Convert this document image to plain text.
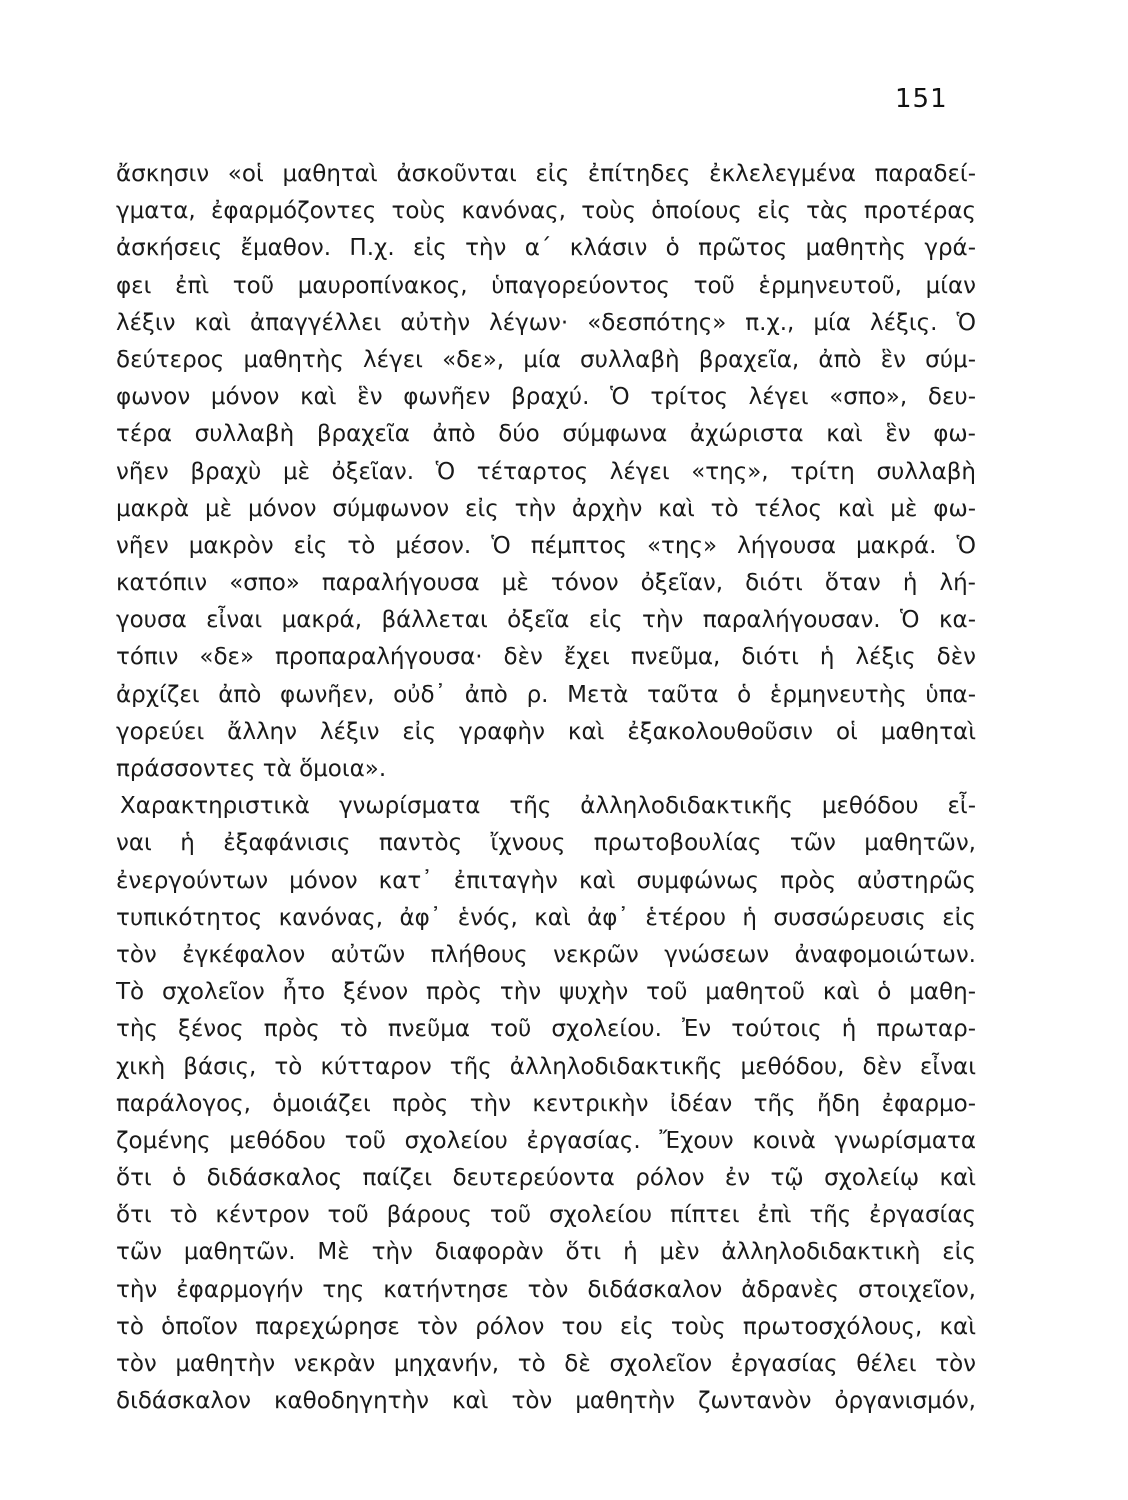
151
ἄσκησιν «οἱ μαθηταὶ ἀσκοῦνται εἰς ἐπίτηδες ἐκλελεγμένα παραδεί-
γματα, ἐφαρμόζοντες τοὺς κανόνας, τοὺς ὁποίους εἰς τὰς προτέρας
ἀσκήσεις ἔμαθον. Π.χ. εἰς τὴν α΄ κλάσιν ὁ πρῶτος μαθητὴς γρά-
φει ἐπὶ τοῦ μαυροπίνακος, ὑπαγορεύοντος τοῦ ἑρμηνευτοῦ, μίαν
λέξιν καὶ ἀπαγγέλλει αὐτὴν λέγων· «δεσπότης» π.χ., μία λέξις. Ὁ
δεύτερος μαθητὴς λέγει «δε», μία συλλαβὴ βραχεῖα, ἀπὸ ἓν σύμ-
φωνον μόνον καὶ ἓν φωνῆεν βραχύ. Ὁ τρίτος λέγει «σπο», δευ-
τέρα συλλαβὴ βραχεῖα ἀπὸ δύο σύμφωνα ἀχώριστα καὶ ἓν φω-
νῆεν βραχὺ μὲ ὀξεῖαν. Ὁ τέταρτος λέγει «της», τρίτη συλλαβὴ
μακρὰ μὲ μόνον σύμφωνον εἰς τὴν ἀρχὴν καὶ τὸ τέλος καὶ μὲ φω-
νῆεν μακρὸν εἰς τὸ μέσον. Ὁ πέμπτος «της» λήγουσα μακρά. Ὁ
κατόπιν «σπο» παραλήγουσα μὲ τόνον ὀξεῖαν, διότι ὅταν ἡ λή-
γουσα εἶναι μακρά, βάλλεται ὀξεῖα εἰς τὴν παραλήγουσαν. Ὁ κα-
τόπιν «δε» προπαραλήγουσα· δὲν ἔχει πνεῦμα, διότι ἡ λέξις δὲν
ἀρχίζει ἀπὸ φωνῆεν, οὐδ᾽ ἀπὸ ρ. Μετὰ ταῦτα ὁ ἑρμηνευτὴς ὑπα-
γορεύει ἄλλην λέξιν εἰς γραφὴν καὶ ἐξακολουθοῦσιν οἱ μαθηταὶ
πράσσοντες τὰ ὅμοια».
Χαρακτηριστικὰ γνωρίσματα τῆς ἀλληλοδιδακτικῆς μεθόδου εἶ-
ναι ἡ ἐξαφάνισις παντὸς ἴχνους πρωτοβουλίας τῶν μαθητῶν,
ἐνεργούντων μόνον κατ᾽ ἐπιταγὴν καὶ συμφώνως πρὸς αὐστηρῶς
τυπικότητος κανόνας, ἀφ᾽ ἑνός, καὶ ἀφ᾽ ἑτέρου ἡ συσσώρευσις εἰς
τὸν ἐγκέφαλον αὐτῶν πλήθους νεκρῶν γνώσεων ἀναφομοιώτων.
Τὸ σχολεῖον ἦτο ξένον πρὸς τὴν ψυχὴν τοῦ μαθητοῦ καὶ ὁ μαθη-
τὴς ξένος πρὸς τὸ πνεῦμα τοῦ σχολείου. Ἐν τούτοις ἡ πρωταρ-
χικὴ βάσις, τὸ κύτταρον τῆς ἀλληλοδιδακτικῆς μεθόδου, δὲν εἶναι
παράλογος, ὁμοιάζει πρὸς τὴν κεντρικὴν ἰδέαν τῆς ἤδη ἐφαρμο-
ζομένης μεθόδου τοῦ σχολείου ἐργασίας. Ἔχουν κοινὰ γνωρίσματα
ὅτι ὁ διδάσκαλος παίζει δευτερεύοντα ρόλον ἐν τῷ σχολείῳ καὶ
ὅτι τὸ κέντρον τοῦ βάρους τοῦ σχολείου πίπτει ἐπὶ τῆς ἐργασίας
τῶν μαθητῶν. Μὲ τὴν διαφορὰν ὅτι ἡ μὲν ἀλληλοδιδακτικὴ εἰς
τὴν ἐφαρμογήν της κατήντησε τὸν διδάσκαλον ἀδρανὲς στοιχεῖον,
τὸ ὁποῖον παρεχώρησε τὸν ρόλον του εἰς τοὺς πρωτοσχόλους, καὶ
τὸν μαθητὴν νεκρὰν μηχανήν, τὸ δὲ σχολεῖον ἐργασίας θέλει τὸν
διδάσκαλον καθοδηγητὴν καὶ τὸν μαθητὴν ζωντανὸν ὀργανισμόν,
